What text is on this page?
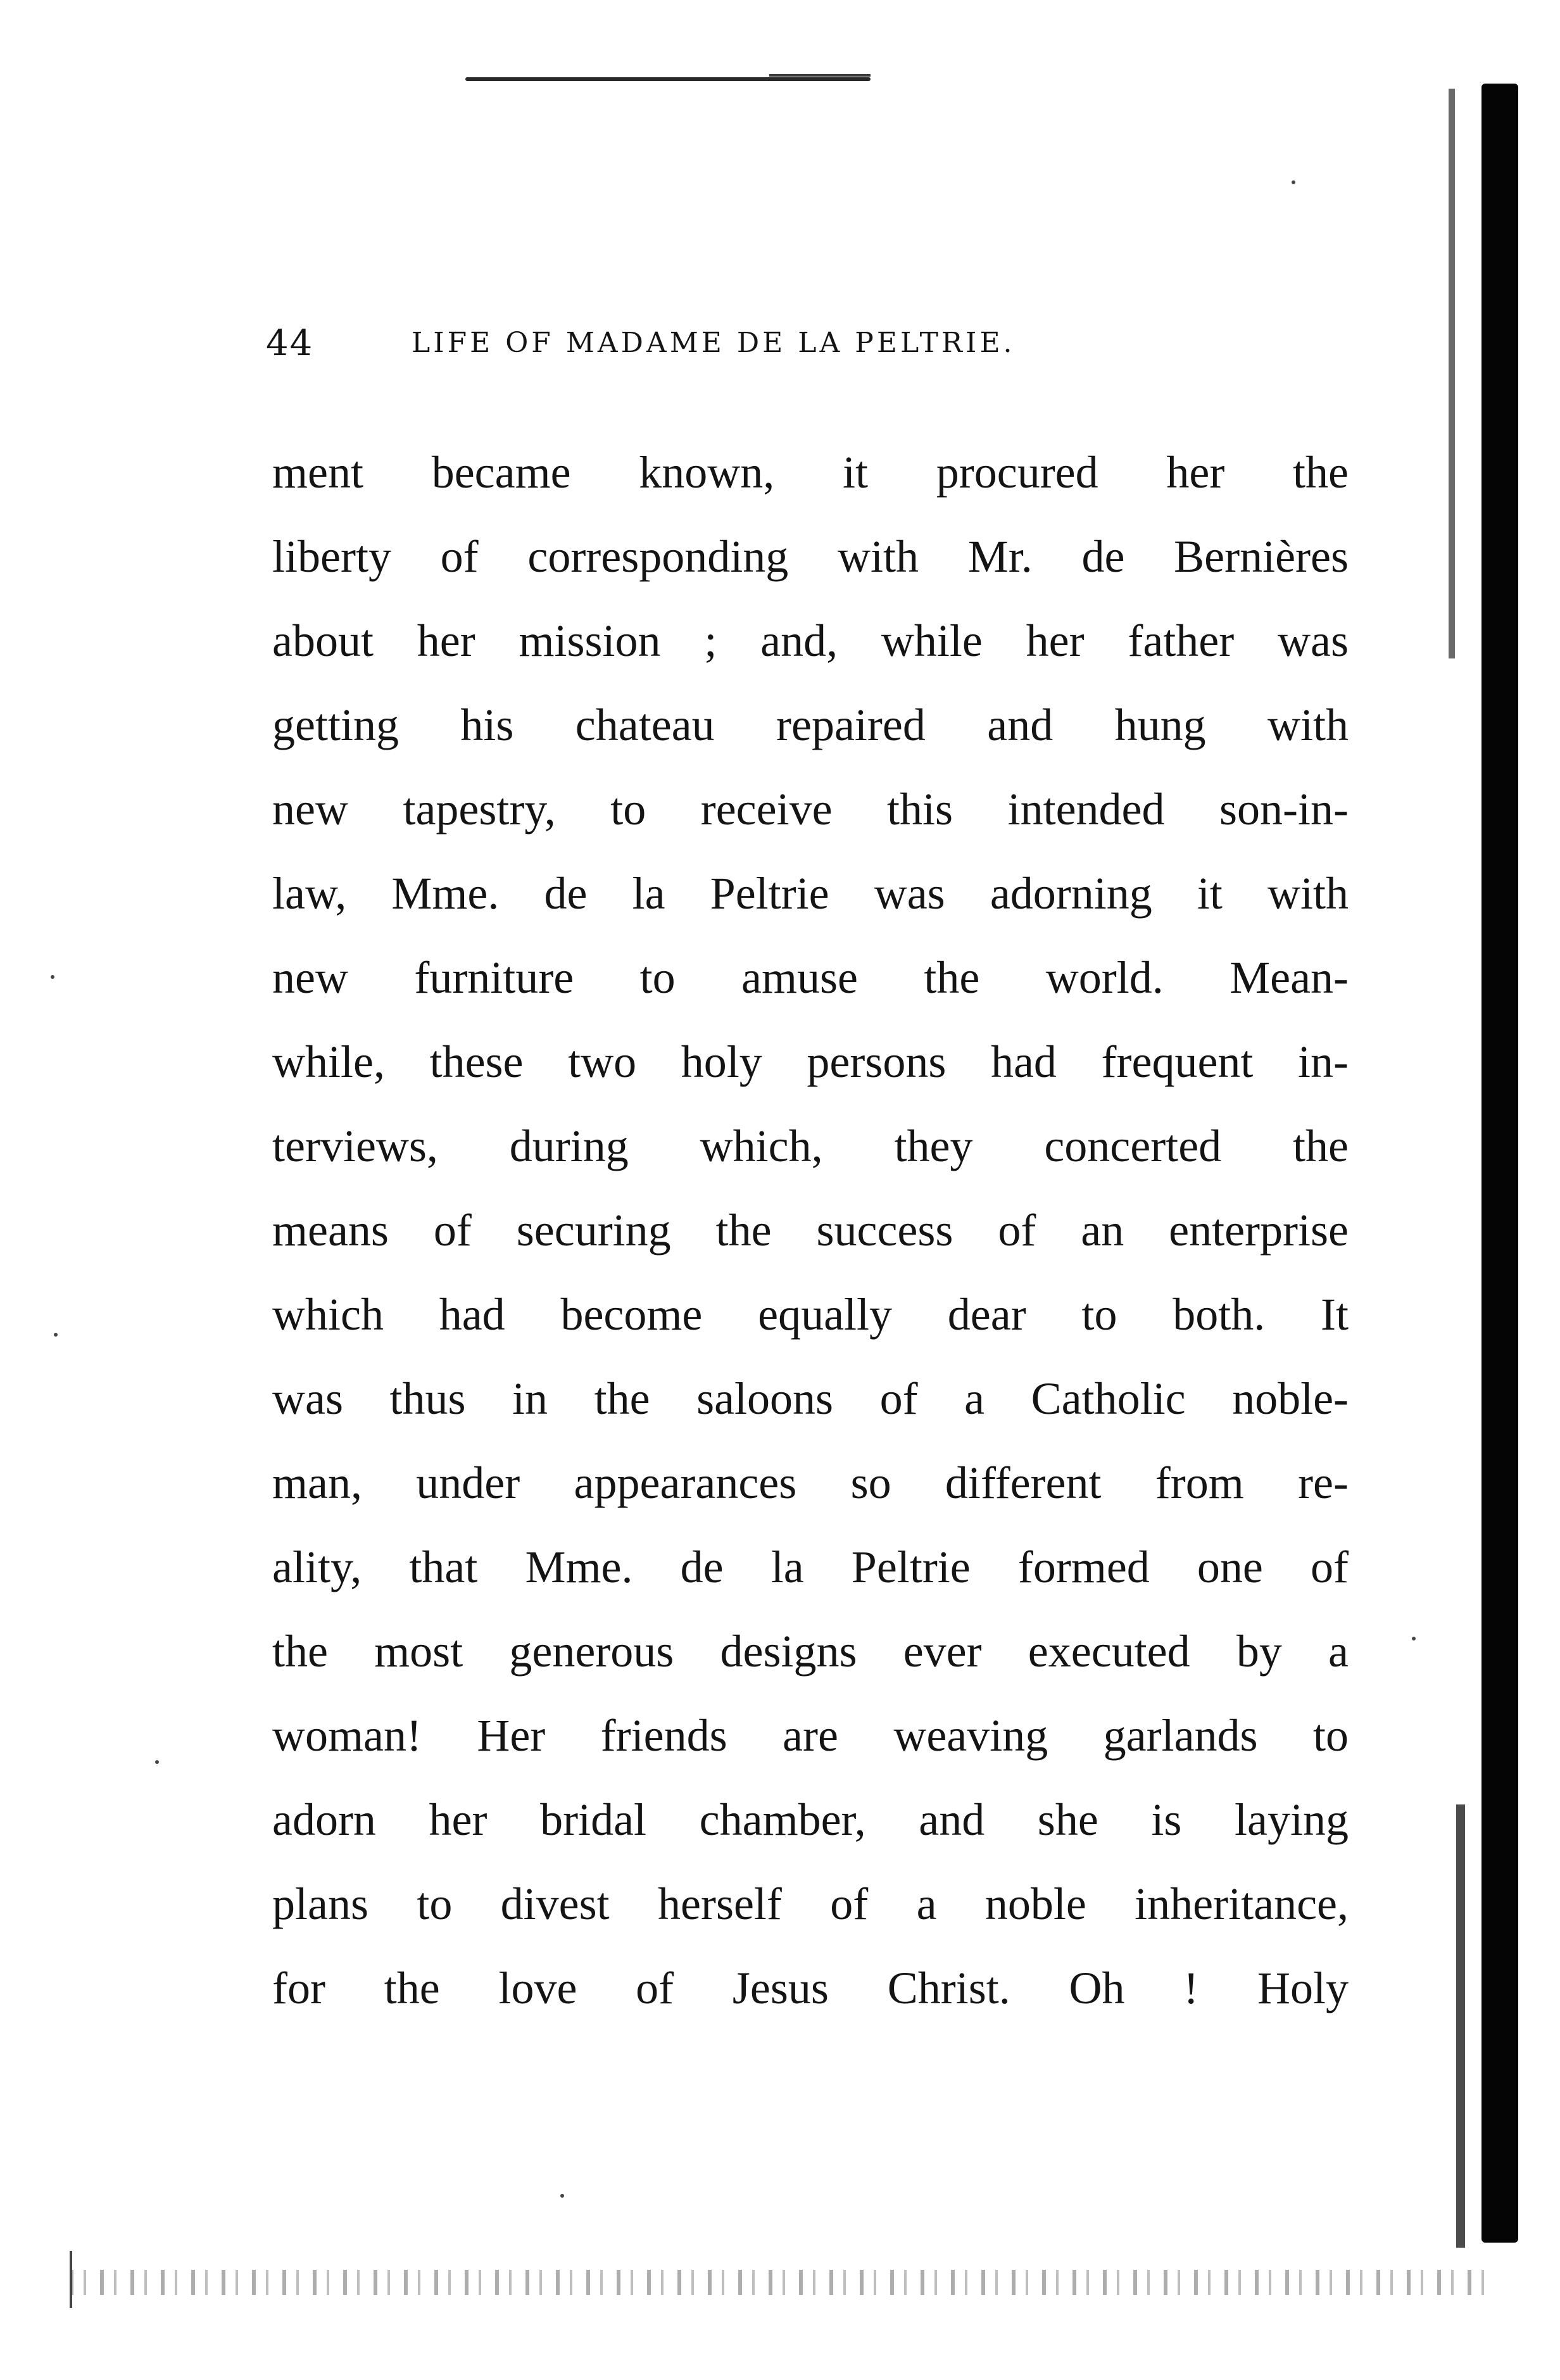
44	LIFE OF MADAME DE LA PELTRIE.
ment became known, it procured her the
liberty of corresponding with Mr. de Bernières
about her mission ; and, while her father was
getting his chateau repaired and hung with
new tapestry, to receive this intended son-in-
law, Mme. de la Peltrie was adorning it with
new furniture to amuse the world. Mean-
while, these two holy persons had frequent in-
terviews, during which, they concerted the
means of securing the success of an enterprise
which had become equally dear to both. It
was thus in the saloons of a Catholic noble-
man, under appearances so different from re-
ality, that Mme. de la Peltrie formed one of
the most generous designs ever executed by a
woman! Her friends are weaving garlands to
adorn her bridal chamber, and she is laying
plans to divest herself of a noble inheritance,
for the love of Jesus Christ. Oh ! Holy
